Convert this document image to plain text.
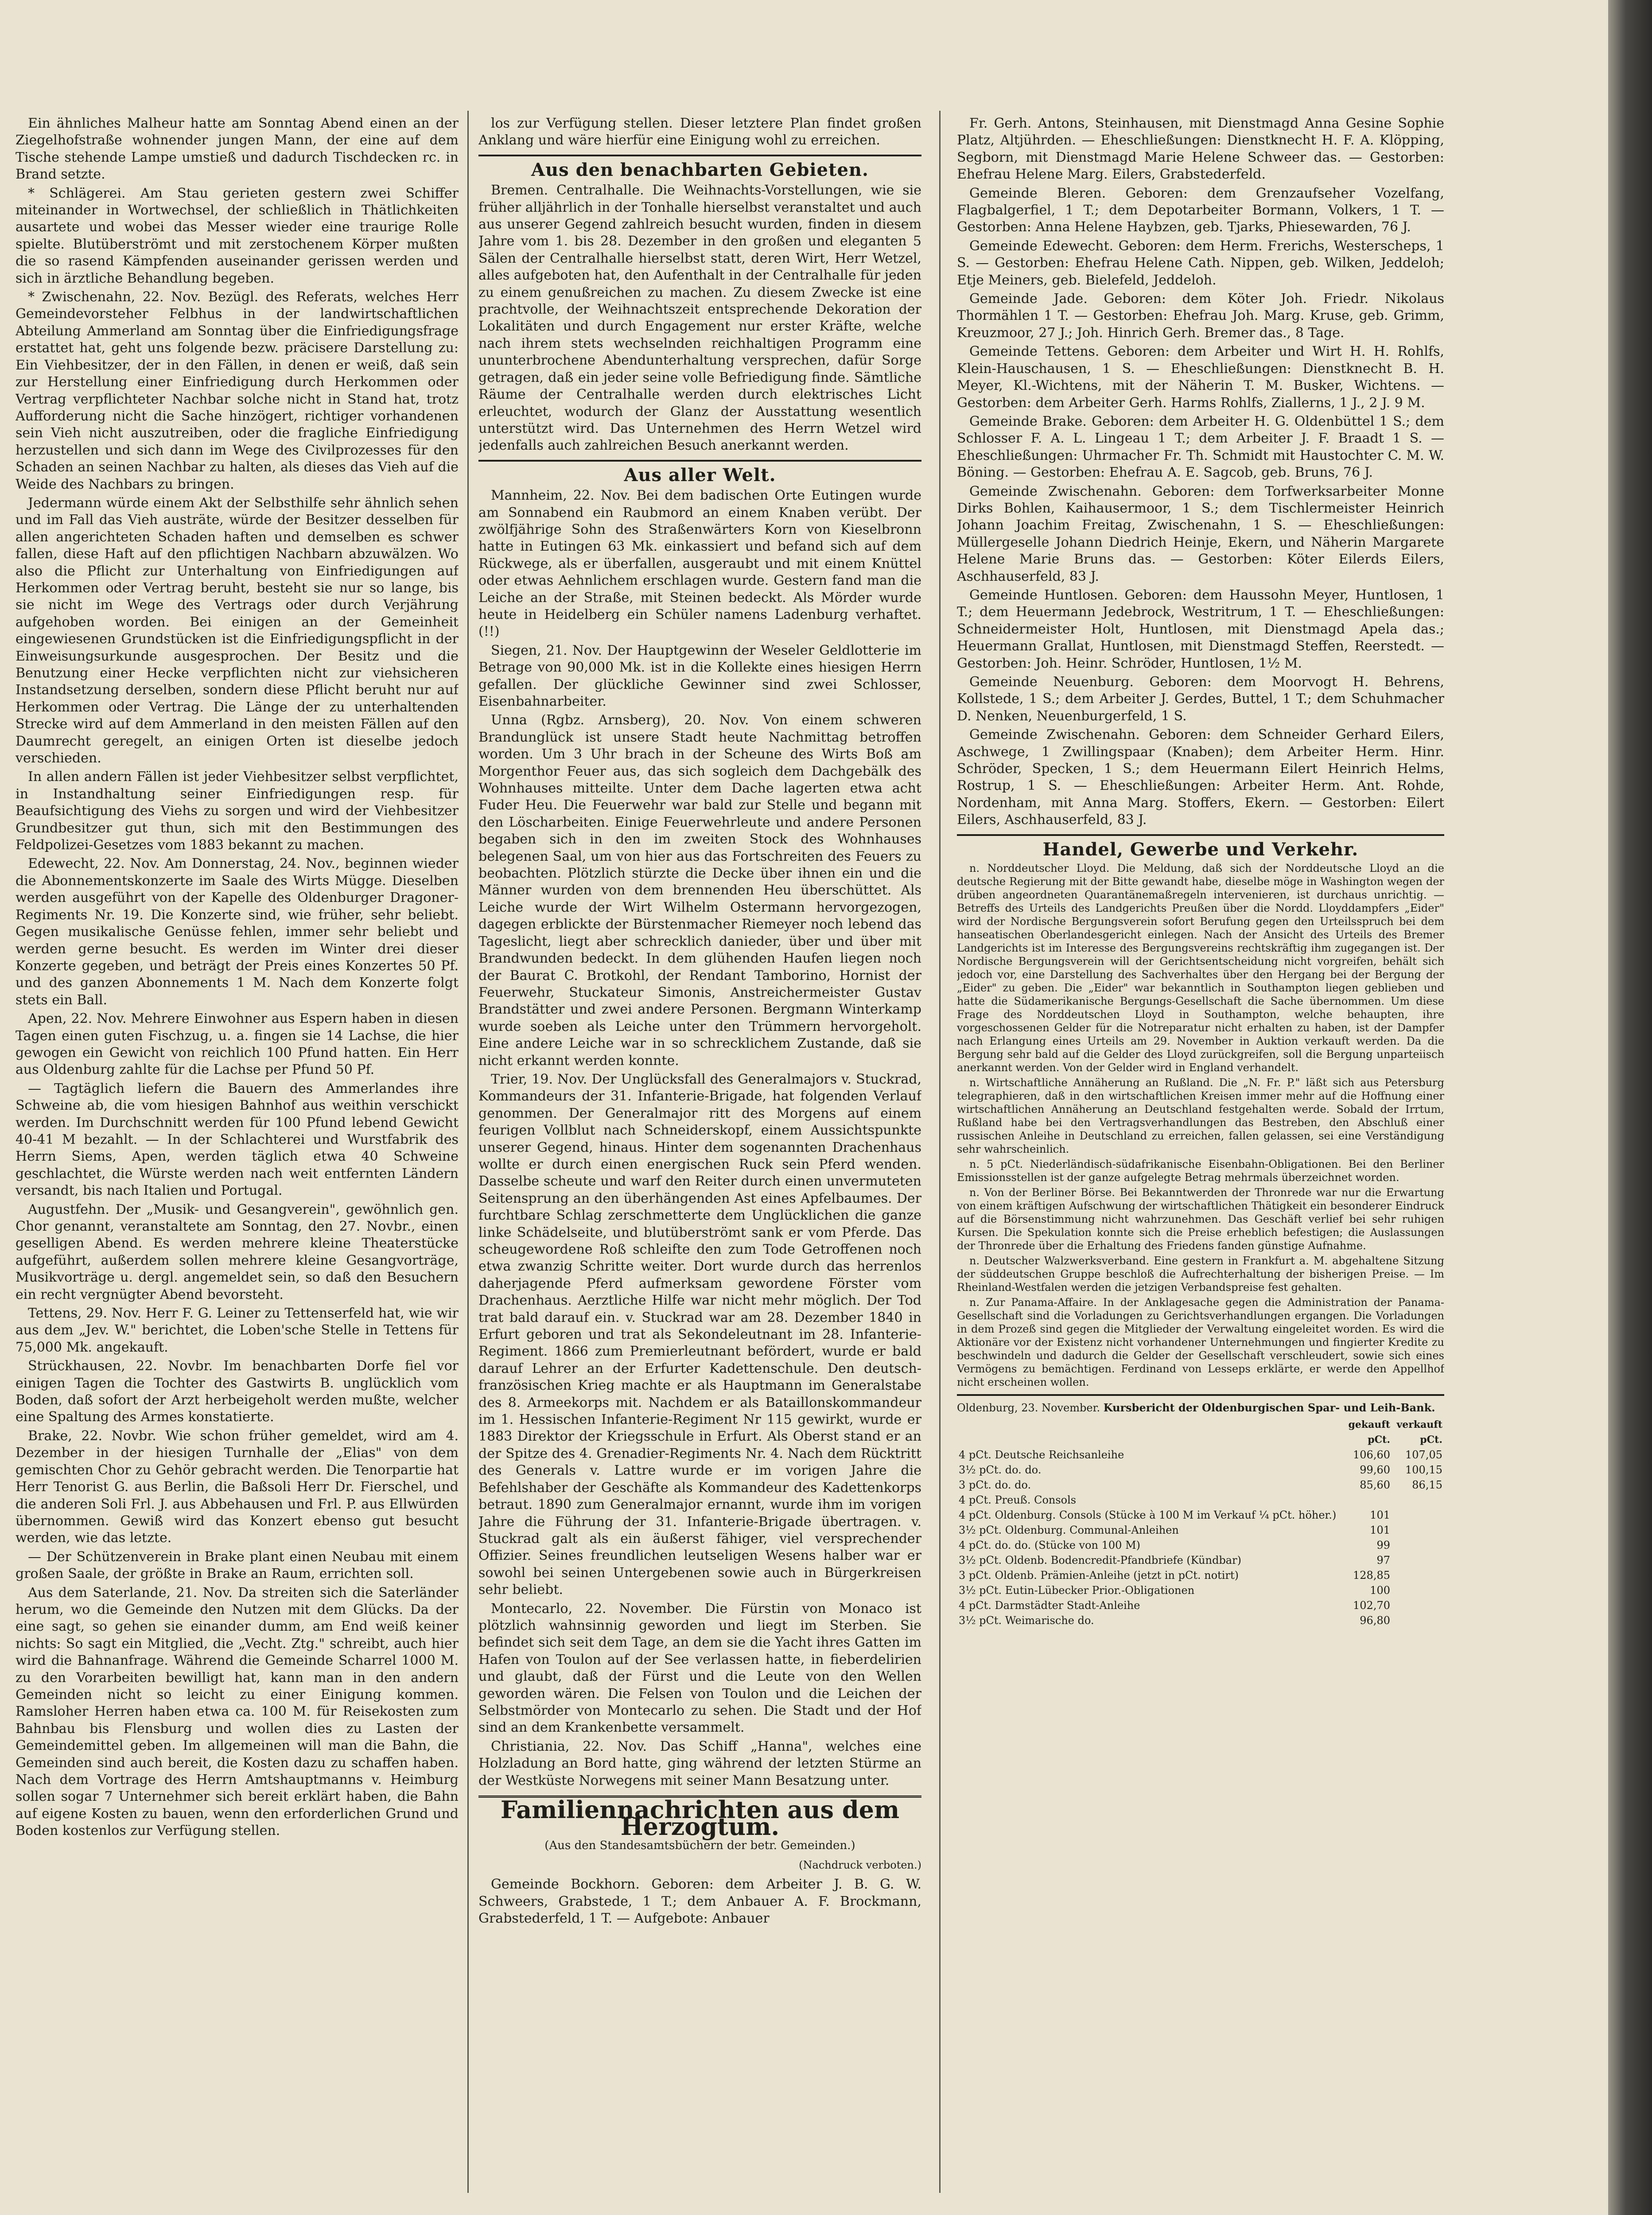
Ein ähnliches Malheur hatte am Sonntag Abend einen an der Ziegelhofstraße wohnender jungen Mann, der eine auf dem Tische stehende Lampe umstieß und dadurch Tischdecken rc. in Brand setzte.

* Schlägerei. Am Stau gerieten gestern zwei Schiffer miteinander in Wortwechsel, der schließlich in Thätlichkeiten ausartete und wobei das Messer wieder eine traurige Rolle spielte. Blutüberströmt und mit zerstochenem Körper mußten die so rasend Kämpfenden auseinander gerissen werden und sich in ärztliche Behandlung begeben.

* Zwischenahn, 22. Nov. Bezügl. des Referats, welches Herr Gemeindevorsteher Felbhus in der landwirtschaftlichen Abteilung Ammerland am Sonntag über die Einfriedigungsfrage erstattet hat, geht uns folgende bezw. präcisere Darstellung zu: Ein Viehbesitzer, der in den Fällen, in denen er weiß, daß sein zur Herstellung einer Einfriedigung durch Herkommen oder Vertrag verpflichteter Nachbar solche nicht in Stand hat, trotz Aufforderung nicht die Sache hinzögert, richtiger vorhandenen sein Vieh nicht auszutreiben, oder die fragliche Einfriedigung herzustellen und sich dann im Wege des Civilprozesses für den Schaden an seinen Nachbar zu halten, als dieses das Vieh auf die Weide des Nachbars zu bringen.

Jedermann würde einem Akt der Selbsthilfe sehr ähnlich sehen und im Fall das Vieh austräte, würde der Besitzer desselben für allen angerichteten Schaden haften und demselben es schwer fallen, diese Haft auf den pflichtigen Nachbarn abzuwälzen. Wo also die Pflicht zur Unterhaltung von Einfriedigungen auf Herkommen oder Vertrag beruht, besteht sie nur so lange, bis sie nicht im Wege des Vertrags oder durch Verjährung aufgehoben worden. Bei einigen an der Gemeinheit eingewiesenen Grundstücken ist die Einfriedigungspflicht in der Einweisungsurkunde ausgesprochen. Der Besitz und die Benutzung einer Hecke verpflichten nicht zur viehsicheren Instandsetzung derselben, sondern diese Pflicht beruht nur auf Herkommen oder Vertrag. Die Länge der zu unterhaltenden Strecke wird auf dem Ammerland in den meisten Fällen auf den Daumrecht geregelt, an einigen Orten ist dieselbe jedoch verschieden.

In allen andern Fällen ist jeder Viehbesitzer selbst verpflichtet, in Instandhaltung seiner Einfriedigungen resp. für Beaufsichtigung des Viehs zu sorgen und wird der Viehbesitzer Grundbesitzer gut thun, sich mit den Bestimmungen des Feldpolizei-Gesetzes vom 1883 bekannt zu machen.

Edewecht, 22. Nov. Am Donnerstag, 24. Nov., beginnen wieder die Abonnementskonzerte im Saale des Wirts Mügge. Dieselben werden ausgeführt von der Kapelle des Oldenburger Dragoner-Regiments Nr. 19. Die Konzerte sind, wie früher, sehr beliebt. Gegen musikalische Genüsse fehlen, immer sehr beliebt und werden gerne besucht. Es werden im Winter drei dieser Konzerte gegeben, und beträgt der Preis eines Konzertes 50 Pf. und des ganzen Abonnements 1 M. Nach dem Konzerte folgt stets ein Ball.

Apen, 22. Nov. Mehrere Einwohner aus Espern haben in diesen Tagen einen guten Fischzug, u. a. fingen sie 14 Lachse, die hier gewogen ein Gewicht von reichlich 100 Pfund hatten. Ein Herr aus Oldenburg zahlte für die Lachse per Pfund 50 Pf.

— Tagtäglich liefern die Bauern des Ammerlandes ihre Schweine ab, die vom hiesigen Bahnhof aus weithin verschickt werden. Im Durchschnitt werden für 100 Pfund lebend Gewicht 40-41 M bezahlt. — In der Schlachterei und Wurstfabrik des Herrn Siems, Apen, werden täglich etwa 40 Schweine geschlachtet, die Würste werden nach weit entfernten Ländern versandt, bis nach Italien und Portugal.

Augustfehn. Der „Musik- und Gesangverein", gewöhnlich gen. Chor genannt, veranstaltete am Sonntag, den 27. Novbr., einen geselligen Abend. Es werden mehrere kleine Theaterstücke aufgeführt, außerdem sollen mehrere kleine Gesangvorträge, Musikvorträge u. dergl. angemeldet sein, so daß den Besuchern ein recht vergnügter Abend bevorsteht.

Tettens, 29. Nov. Herr F. G. Leiner zu Tettenserfeld hat, wie wir aus dem „Jev. W." berichtet, die Loben'sche Stelle in Tettens für 75,000 Mk. angekauft.

Strückhausen, 22. Novbr. Im benachbarten Dorfe fiel vor einigen Tagen die Tochter des Gastwirts B. unglücklich vom Boden, daß sofort der Arzt herbeigeholt werden mußte, welcher eine Spaltung des Armes konstatierte.

Brake, 22. Novbr. Wie schon früher gemeldet, wird am 4. Dezember in der hiesigen Turnhalle der „Elias" von dem gemischten Chor zu Gehör gebracht werden. Die Tenorpartie hat Herr Tenorist G. aus Berlin, die Baßsoli Herr Dr. Fierschel, und die anderen Soli Frl. J. aus Abbehausen und Frl. P. aus Ellwürden übernommen. Gewiß wird das Konzert ebenso gut besucht werden, wie das letzte.

— Der Schützenverein in Brake plant einen Neubau mit einem großen Saale, der größte in Brake an Raum, errichten soll.

Aus dem Saterlande, 21. Nov. Da streiten sich die Saterländer herum, wo die Gemeinde den Nutzen mit dem Glücks. Da der eine sagt, so gehen sie einander dumm, am End weiß keiner nichts: So sagt ein Mitglied, die „Vecht. Ztg." schreibt, auch hier wird die Bahnanfrage. Während die Gemeinde Scharrel 1000 M. zu den Vorarbeiten bewilligt hat, kann man in den andern Gemeinden nicht so leicht zu einer Einigung kommen. Ramsloher Herren haben etwa ca. 100 M. für Reisekosten zum Bahnbau bis Flensburg und wollen dies zu Lasten der Gemeindemittel geben. Im allgemeinen will man die Bahn, die Gemeinden sind auch bereit, die Kosten dazu zu schaffen haben. Nach dem Vortrage des Herrn Amtshauptmanns v. Heimburg sollen sogar 7 Unternehmer sich bereit erklärt haben, die Bahn auf eigene Kosten zu bauen, wenn den erforderlichen Grund und Boden kostenlos zur Verfügung stellen.

los zur Verfügung stellen. Dieser letztere Plan findet großen Anklang und wäre hierfür eine Einigung wohl zu erreichen.

Aus den benachbarten Gebieten.

Bremen. Centralhalle. Die Weihnachts-Vorstellungen, wie sie früher alljährlich in der Tonhalle hierselbst veranstaltet und auch aus unserer Gegend zahlreich besucht wurden, finden in diesem Jahre vom 1. bis 28. Dezember in den großen und eleganten 5 Sälen der Centralhalle hierselbst statt, deren Wirt, Herr Wetzel, alles aufgeboten hat, den Aufenthalt in der Centralhalle für jeden zu einem genußreichen zu machen. Zu diesem Zwecke ist eine prachtvolle, der Weihnachtszeit entsprechende Dekoration der Lokalitäten und durch Engagement nur erster Kräfte, welche nach ihrem stets wechselnden reichhaltigen Programm eine ununterbrochene Abendunterhaltung versprechen, dafür Sorge getragen, daß ein jeder seine volle Befriedigung finde. Sämtliche Räume der Centralhalle werden durch elektrisches Licht erleuchtet, wodurch der Glanz der Ausstattung wesentlich unterstützt wird. Das Unternehmen des Herrn Wetzel wird jedenfalls auch zahlreichen Besuch anerkannt werden.

Aus aller Welt.

Mannheim, 22. Nov. Bei dem badischen Orte Eutingen wurde am Sonnabend ein Raubmord an einem Knaben verübt. Der zwölfjährige Sohn des Straßenwärters Korn von Kieselbronn hatte in Eutingen 63 Mk. einkassiert und befand sich auf dem Rückwege, als er überfallen, ausgeraubt und mit einem Knüttel oder etwas Aehnlichem erschlagen wurde. Gestern fand man die Leiche an der Straße, mit Steinen bedeckt. Als Mörder wurde heute in Heidelberg ein Schüler namens Ladenburg verhaftet. (!!)

Siegen, 21. Nov. Der Hauptgewinn der Weseler Geldlotterie im Betrage von 90,000 Mk. ist in die Kollekte eines hiesigen Herrn gefallen. Der glückliche Gewinner sind zwei Schlosser, Eisenbahnarbeiter.

Unna (Rgbz. Arnsberg), 20. Nov. Von einem schweren Brandunglück ist unsere Stadt heute Nachmittag betroffen worden. Um 3 Uhr brach in der Scheune des Wirts Boß am Morgenthor Feuer aus, das sich sogleich dem Dachgebälk des Wohnhauses mitteilte. Unter dem Dache lagerten etwa acht Fuder Heu. Die Feuerwehr war bald zur Stelle und begann mit den Löscharbeiten. Einige Feuerwehrleute und andere Personen begaben sich in den im zweiten Stock des Wohnhauses belegenen Saal, um von hier aus das Fortschreiten des Feuers zu beobachten. Plötzlich stürzte die Decke über ihnen ein und die Männer wurden von dem brennenden Heu überschüttet. Als Leiche wurde der Wirt Wilhelm Ostermann hervorgezogen, dagegen erblickte der Bürstenmacher Riemeyer noch lebend das Tageslicht, liegt aber schrecklich danieder, über und über mit Brandwunden bedeckt. In dem glühenden Haufen liegen noch der Baurat C. Brotkohl, der Rendant Tamborino, Hornist der Feuerwehr, Stuckateur Simonis, Anstreichermeister Gustav Brandstätter und zwei andere Personen. Bergmann Winterkamp wurde soeben als Leiche unter den Trümmern hervorgeholt. Eine andere Leiche war in so schrecklichem Zustande, daß sie nicht erkannt werden konnte.

Trier, 19. Nov. Der Unglücksfall des Generalmajors v. Stuckrad, Kommandeurs der 31. Infanterie-Brigade, hat folgenden Verlauf genommen. Der Generalmajor ritt des Morgens auf einem feurigen Vollblut nach Schneiderskopf, einem Aussichtspunkte unserer Gegend, hinaus. Hinter dem sogenannten Drachenhaus wollte er durch einen energischen Ruck sein Pferd wenden. Dasselbe scheute und warf den Reiter durch einen unvermuteten Seitensprung an den überhängenden Ast eines Apfelbaumes. Der furchtbare Schlag zerschmetterte dem Unglücklichen die ganze linke Schädelseite, und blutüberströmt sank er vom Pferde. Das scheugewordene Roß schleifte den zum Tode Getroffenen noch etwa zwanzig Schritte weiter. Dort wurde durch das herrenlos daherjagende Pferd aufmerksam gewordene Förster vom Drachenhaus. Aerztliche Hilfe war nicht mehr möglich. Der Tod trat bald darauf ein. v. Stuckrad war am 28. Dezember 1840 in Erfurt geboren und trat als Sekondeleutnant im 28. Infanterie-Regiment. 1866 zum Premierleutnant befördert, wurde er bald darauf Lehrer an der Erfurter Kadettenschule. Den deutsch-französischen Krieg machte er als Hauptmann im Generalstabe des 8. Armeekorps mit. Nachdem er als Bataillonskommandeur im 1. Hessischen Infanterie-Regiment Nr 115 gewirkt, wurde er 1883 Direktor der Kriegsschule in Erfurt. Als Oberst stand er an der Spitze des 4. Grenadier-Regiments Nr. 4. Nach dem Rücktritt des Generals v. Lattre wurde er im vorigen Jahre die Befehlshaber der Geschäfte als Kommandeur des Kadettenkorps betraut. 1890 zum Generalmajor ernannt, wurde ihm im vorigen Jahre die Führung der 31. Infanterie-Brigade übertragen. v. Stuckrad galt als ein äußerst fähiger, viel versprechender Offizier. Seines freundlichen leutseligen Wesens halber war er sowohl bei seinen Untergebenen sowie auch in Bürgerkreisen sehr beliebt.

Montecarlo, 22. November. Die Fürstin von Monaco ist plötzlich wahnsinnig geworden und liegt im Sterben. Sie befindet sich seit dem Tage, an dem sie die Yacht ihres Gatten im Hafen von Toulon auf der See verlassen hatte, in fieberdelirien und glaubt, daß der Fürst und die Leute von den Wellen geworden wären. Die Felsen von Toulon und die Leichen der Selbstmörder von Montecarlo zu sehen. Die Stadt und der Hof sind an dem Krankenbette versammelt.

Christiania, 22. Nov. Das Schiff „Hanna", welches eine Holzladung an Bord hatte, ging während der letzten Stürme an der Westküste Norwegens mit seiner Mann Besatzung unter.

Familiennachrichten aus dem Herzogtum.
(Aus den Standesamtsbüchern der betr. Gemeinden.)
(Nachdruck verboten.)

Gemeinde Bockhorn. Geboren: dem Arbeiter J. B. G. W. Schweers, Grabstede, 1 T.; dem Anbauer A. F. Brockmann, Grabstederfeld, 1 T. — Aufgebote: Anbauer

Fr. Gerh. Antons, Steinhausen, mit Dienstmagd Anna Gesine Sophie Platz, Altjührden. — Eheschließungen: Dienstknecht H. F. A. Klöpping, Segborn, mit Dienstmagd Marie Helene Schweer das. — Gestorben: Ehefrau Helene Marg. Eilers, Grabstederfeld.

Gemeinde Bleren. Geboren: dem Grenzaufseher Vozelfang, Flagbalgerfiel, 1 T.; dem Depotarbeiter Bormann, Volkers, 1 T. — Gestorben: Anna Helene Haybzen, geb. Tjarks, Phiesewarden, 76 J.

Gemeinde Edewecht. Geboren: dem Herm. Frerichs, Westerscheps, 1 S. — Gestorben: Ehefrau Helene Cath. Nippen, geb. Wilken, Jeddeloh; Etje Meiners, geb. Bielefeld, Jeddeloh.

Gemeinde Jade. Geboren: dem Köter Joh. Friedr. Nikolaus Thormählen 1 T. — Gestorben: Ehefrau Joh. Marg. Kruse, geb. Grimm, Kreuzmoor, 27 J.; Joh. Hinrich Gerh. Bremer das., 8 Tage.

Gemeinde Tettens. Geboren: dem Arbeiter und Wirt H. H. Rohlfs, Klein-Hauschausen, 1 S. — Eheschließungen: Dienstknecht B. H. Meyer, Kl.-Wichtens, mit der Näherin T. M. Busker, Wichtens. — Gestorben: dem Arbeiter Gerh. Harms Rohlfs, Ziallerns, 1 J., 2 J. 9 M.

Gemeinde Brake. Geboren: dem Arbeiter H. G. Oldenbüttel 1 S.; dem Schlosser F. A. L. Lingeau 1 T.; dem Arbeiter J. F. Braadt 1 S. — Eheschließungen: Uhrmacher Fr. Th. Schmidt mit Haustochter C. M. W. Böning. — Gestorben: Ehefrau A. E. Sagcob, geb. Bruns, 76 J.

Gemeinde Zwischenahn. Geboren: dem Torfwerksarbeiter Monne Dirks Bohlen, Kaihausermoor, 1 S.; dem Tischlermeister Heinrich Johann Joachim Freitag, Zwischenahn, 1 S. — Eheschließungen: Müllergeselle Johann Diedrich Heinje, Ekern, und Näherin Margarete Helene Marie Bruns das. — Gestorben: Köter Eilerds Eilers, Aschhauserfeld, 83 J.

Gemeinde Huntlosen. Geboren: dem Haussohn Meyer, Huntlosen, 1 T.; dem Heuermann Jedebrock, Westritrum, 1 T. — Eheschließungen: Schneidermeister Holt, Huntlosen, mit Dienstmagd Apela das.; Heuermann Grallat, Huntlosen, mit Dienstmagd Steffen, Reerstedt. — Gestorben: Joh. Heinr. Schröder, Huntlosen, 1½ M.

Gemeinde Neuenburg. Geboren: dem Moorvogt H. Behrens, Kollstede, 1 S.; dem Arbeiter J. Gerdes, Buttel, 1 T.; dem Schuhmacher D. Nenken, Neuenburgerfeld, 1 S.

Gemeinde Zwischenahn. Geboren: dem Schneider Gerhard Eilers, Aschwege, 1 Zwillingspaar (Knaben); dem Arbeiter Herm. Hinr. Schröder, Specken, 1 S.; dem Heuermann Eilert Heinrich Helms, Rostrup, 1 S. — Eheschließungen: Arbeiter Herm. Ant. Rohde, Nordenham, mit Anna Marg. Stoffers, Ekern. — Gestorben: Eilert Eilers, Aschhauserfeld, 83 J.

Handel, Gewerbe und Verkehr.

n. Norddeutscher Lloyd. Die Meldung, daß sich der Norddeutsche Lloyd an die deutsche Regierung mit der Bitte gewandt habe, dieselbe möge in Washington wegen der drüben angeordneten Quarantänemaßregeln intervenieren, ist durchaus unrichtig. — Betreffs des Urteils des Landgerichts Preußen über die Nordd. Lloyddampfers „Eider" wird der Nordische Bergungsverein sofort Berufung gegen den Urteilsspruch bei dem hanseatischen Oberlandesgericht einlegen. Nach der Ansicht des Urteils des Bremer Landgerichts ist im Interesse des Bergungsvereins rechtskräftig ihm zugegangen ist. Der Nordische Bergungsverein will der Gerichtsentscheidung nicht vorgreifen, behält sich jedoch vor, eine Darstellung des Sachverhaltes über den Hergang bei der Bergung der „Eider" zu geben. Die „Eider" war bekanntlich in Southampton liegen geblieben und hatte die Südamerikanische Bergungs-Gesellschaft die Sache übernommen. Um diese Frage des Norddeutschen Lloyd in Southampton, welche behaupten, ihre vorgeschossenen Gelder für die Notreparatur nicht erhalten zu haben, ist der Dampfer nach Erlangung eines Urteils am 29. November in Auktion verkauft werden. Da die Bergung sehr bald auf die Gelder des Lloyd zurückgreifen, soll die Bergung unparteiisch anerkannt werden. Von der Gelder wird in England verhandelt.

n. Wirtschaftliche Annäherung an Rußland. Die „N. Fr. P." läßt sich aus Petersburg telegraphieren, daß in den wirtschaftlichen Kreisen immer mehr auf die Hoffnung einer wirtschaftlichen Annäherung an Deutschland festgehalten werde. Sobald der Irrtum, Rußland habe bei den Vertragsverhandlungen das Bestreben, den Abschluß einer russischen Anleihe in Deutschland zu erreichen, fallen gelassen, sei eine Verständigung sehr wahrscheinlich.

n. 5 pCt. Niederländisch-südafrikanische Eisenbahn-Obligationen. Bei den Berliner Emissionsstellen ist der ganze aufgelegte Betrag mehrmals überzeichnet worden.

n. Von der Berliner Börse. Bei Bekanntwerden der Thronrede war nur die Erwartung von einem kräftigen Aufschwung der wirtschaftlichen Thätigkeit ein besonderer Eindruck auf die Börsenstimmung nicht wahrzunehmen. Das Geschäft verlief bei sehr ruhigen Kursen. Die Spekulation konnte sich die Preise erheblich befestigen; die Auslassungen der Thronrede über die Erhaltung des Friedens fanden günstige Aufnahme.

n. Deutscher Walzwerksverband. Eine gestern in Frankfurt a. M. abgehaltene Sitzung der süddeutschen Gruppe beschloß die Aufrechterhaltung der bisherigen Preise. — Im Rheinland-Westfalen werden die jetzigen Verbandspreise fest gehalten.

n. Zur Panama-Affaire. In der Anklagesache gegen die Administration der Panama-Gesellschaft sind die Vorladungen zu Gerichtsverhandlungen ergangen. Die Vorladungen in dem Prozeß sind gegen die Mitglieder der Verwaltung eingeleitet worden. Es wird die Aktionäre vor der Existenz nicht vorhandener Unternehmungen und fingierter Kredite zu beschwindeln und dadurch die Gelder der Gesellschaft verschleudert, sowie sich eines Vermögens zu bemächtigen. Ferdinand von Lesseps erklärte, er werde den Appellhof nicht erscheinen wollen.

Oldenburg, 23. November. Kursbericht der Oldenburgischen Spar- und Leih-Bank.
	gekauft	verkauft
	pCt.	pCt.
4 pCt. Deutsche Reichsanleihe	106,60	107,05
3½ pCt. do. do.	99,60	100,15
3 pCt. do. do.	85,60	86,15
4 pCt. Preuß. Consols		
4 pCt. Oldenburg. Consols (Stücke à 100 M im Verkauf ¼ pCt. höher.)	101	
3½ pCt. Oldenburg. Communal-Anleihen	101	
4 pCt. do. do. (Stücke von 100 M)	99	
3½ pCt. Oldenb. Bodencredit-Pfandbriefe (Kündbar)	97	
3 pCt. Oldenb. Prämien-Anleihe (jetzt in pCt. notirt)	128,85	
3½ pCt. Eutin-Lübecker Prior.-Obligationen	100	
4 pCt. Darmstädter Stadt-Anleihe	102,70	
3½ pCt. Weimarische do.	96,80	
